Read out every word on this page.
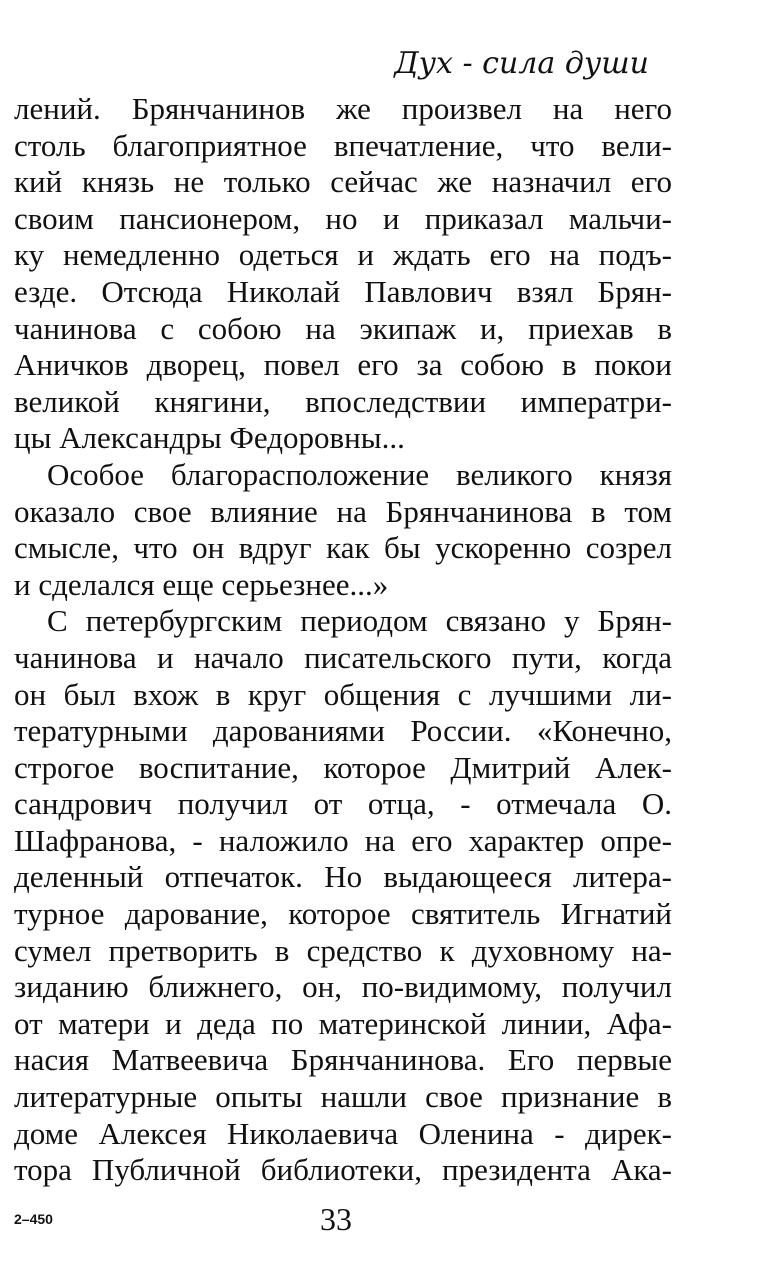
Дух - сила души
лений. Брянчанинов же произвел на него
столь благоприятное впечатление, что вели-
кий князь не только сейчас же назначил его
своим пансионером, но и приказал мальчи-
ку немедленно одеться и ждать его на подъ-
езде. Отсюда Николай Павлович взял Брян-
чанинова с собою на экипаж и, приехав в
Аничков дворец, повел его за собою в покои
великой княгини, впоследствии императри-
цы Александры Федоровны...
Особое благорасположение великого князя
оказало свое влияние на Брянчанинова в том
смысле, что он вдруг как бы ускоренно созрел
и сделался еще серьезнее...»
С петербургским периодом связано у Брян-
чанинова и начало писательского пути, когда
он был вхож в круг общения с лучшими ли-
тературными дарованиями России. «Конечно,
строгое воспитание, которое Дмитрий Алек-
сандрович получил от отца, - отмечала О.
Шафранова, - наложило на его характер опре-
деленный отпечаток. Но выдающееся литера-
турное дарование, которое святитель Игнатий
сумел претворить в средство к духовному на-
зиданию ближнего, он, по-видимому, получил
от матери и деда по материнской линии, Афа-
насия Матвеевича Брянчанинова. Его первые
литературные опыты нашли свое признание в
доме Алексея Николаевича Оленина - дирек-
тора Публичной библиотеки, президента Ака-
2–450	33
